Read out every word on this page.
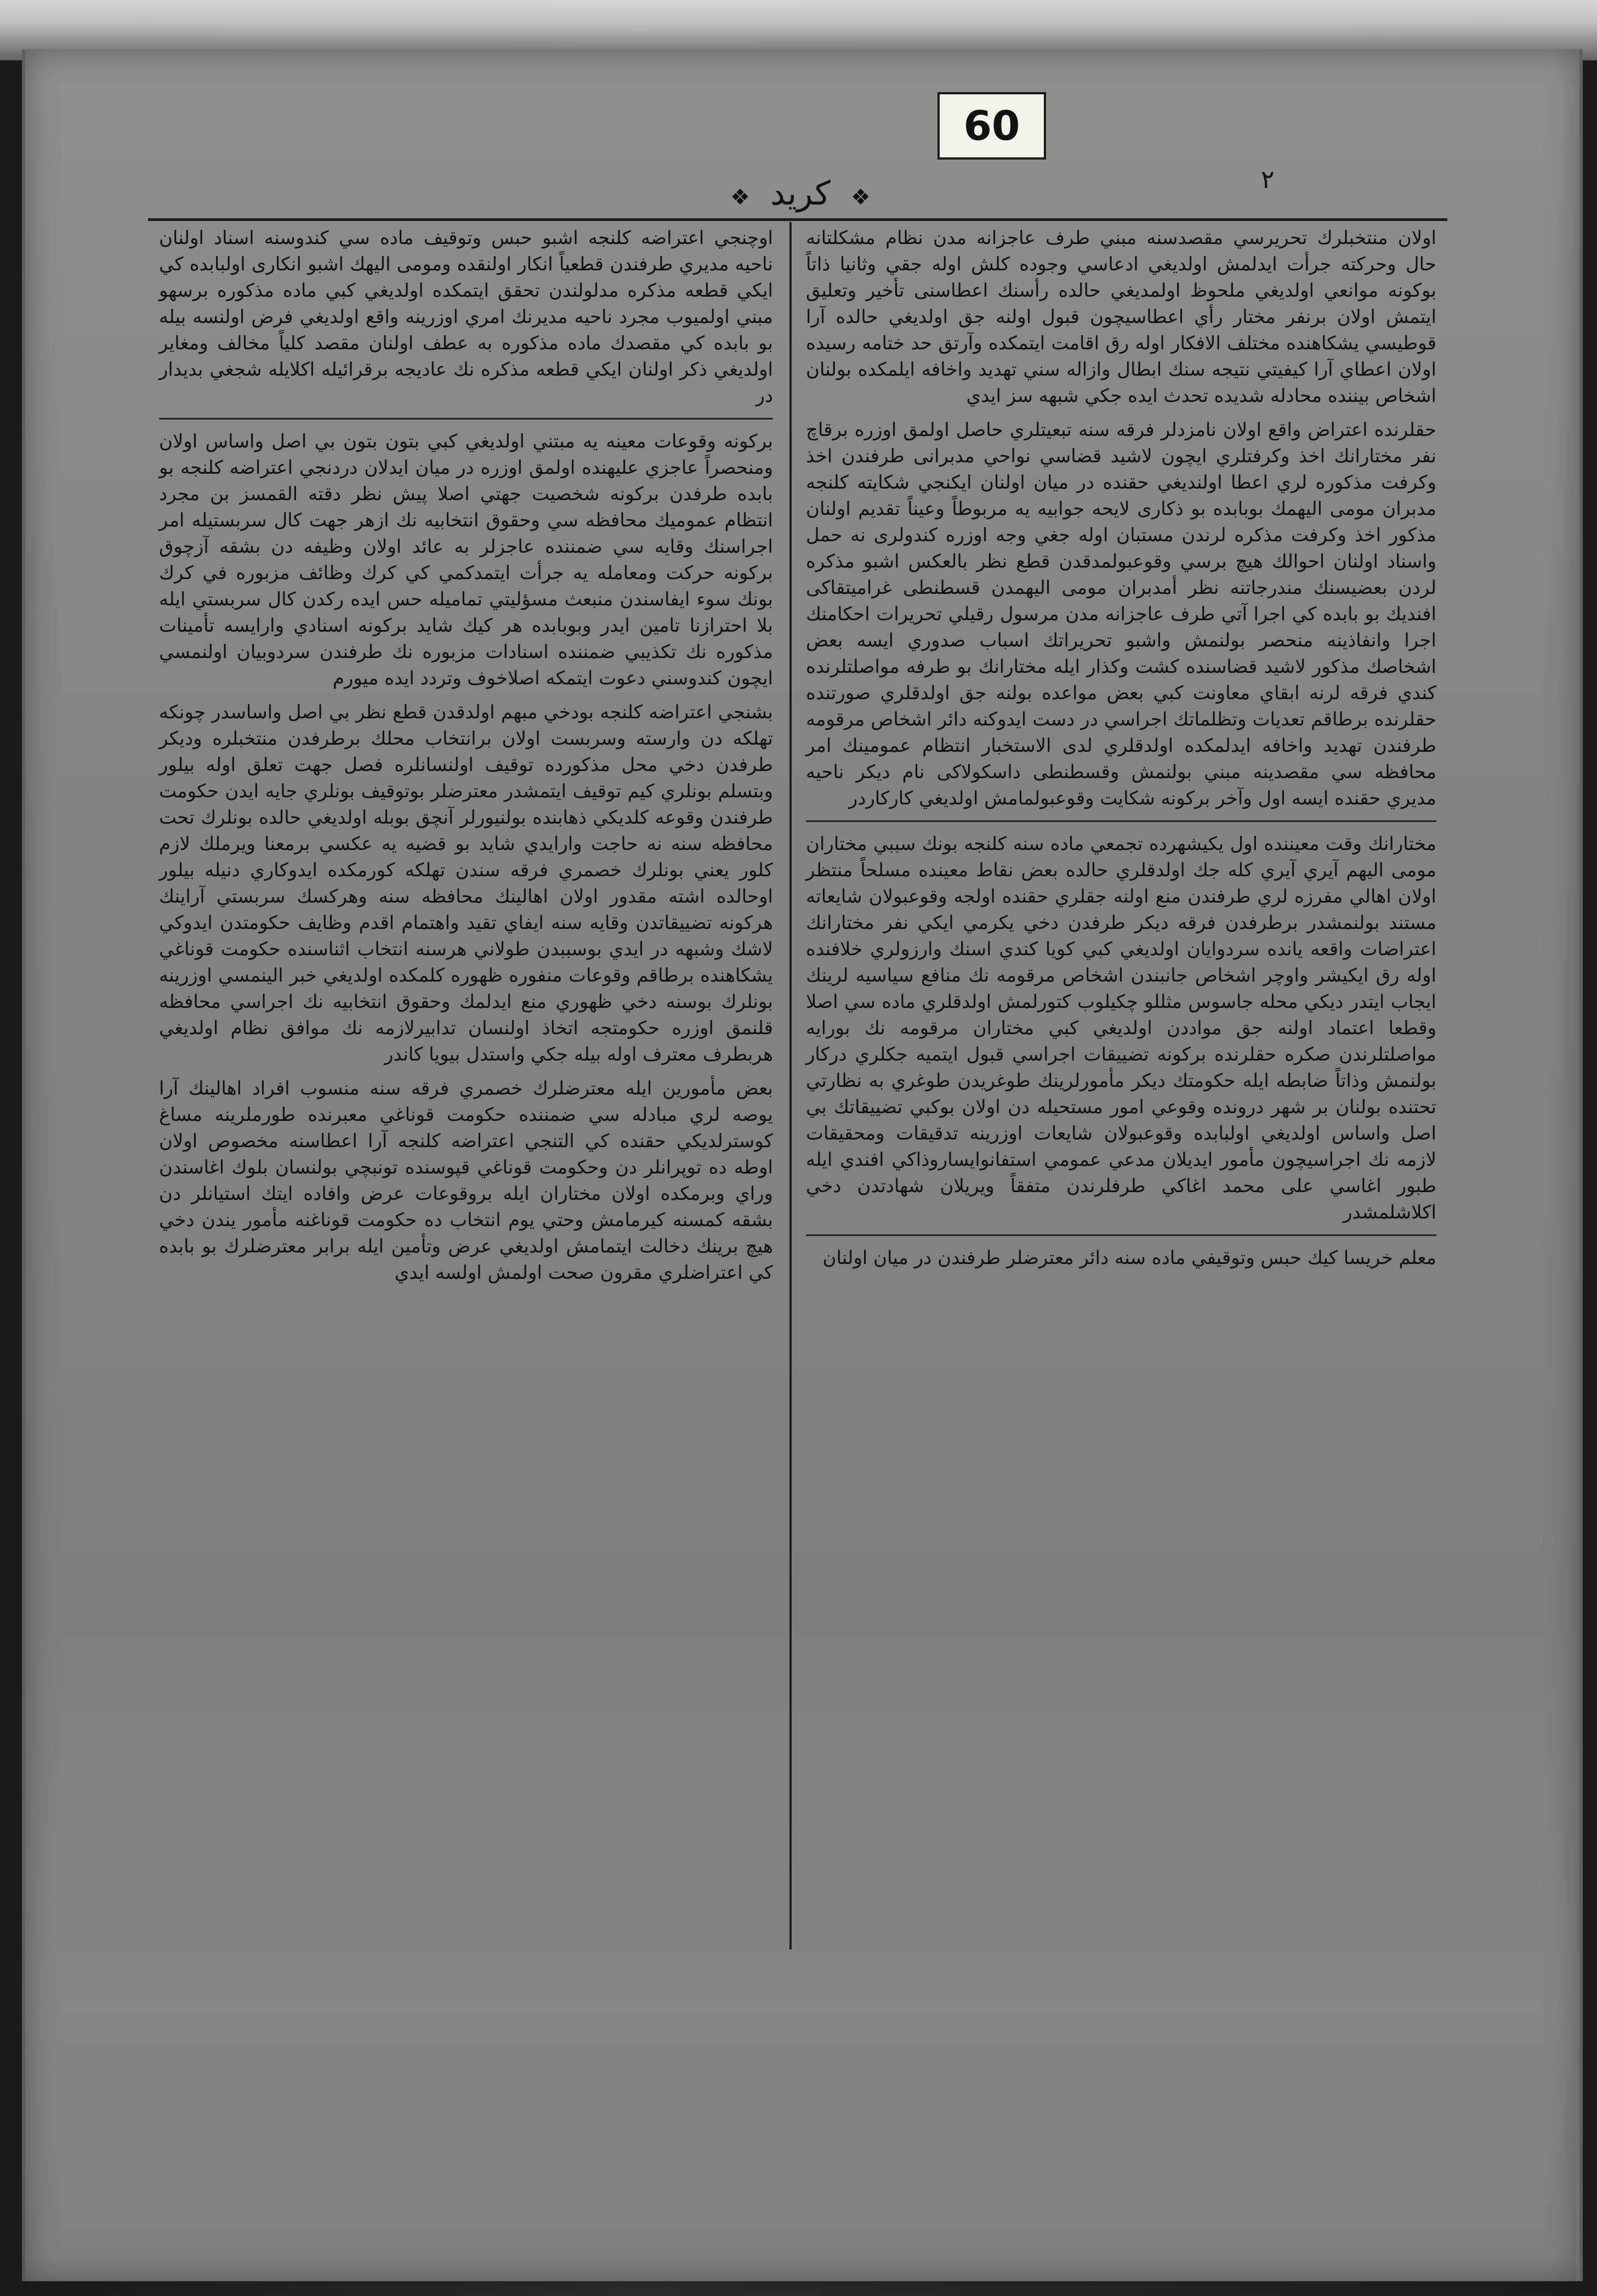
60
٢
❖ كريد ❖

اولان منتخبلرك تحريرسي مقصدسنه مبني طرف عاجزانه مدن نظام مشكلتانه حال وحركته جرأت ايدلمش اولديغي ادعاسي وجوده كلش اوله جقي وثانيا ذاتاً بوكونه موانعي اولديغي ملحوظ اولمديغي حالده رأسنك اعطاسنى تأخير وتعليق ايتمش اولان برنفر مختار رأي اعطاسيچون قبول اولنه جق اولديغي حالده آرا قوطيسي يشكاهنده مختلف الافكار اوله رق اقامت ايتمكده وآرتق حد ختامه رسيده اولان اعطاي آرا كيفيتي نتيجه سنك ابطال وازاله سني تهديد واخافه ايلمكده بولنان اشخاص بيننده محادله شديده تحدث ايده جكي شبهه سز ايدي

حقلرنده اعتراض واقع اولان نامزدلر فرقه سنه تبعيتلري حاصل اولمق اوزره برقاچ نفر مختارانك اخذ وكرفتلري ايچون لاشيد قضاسي نواحي مدبرانى طرفندن اخذ وكرفت مذكوره لري اعطا اولنديغي حقنده در ميان اولنان ايكنجي شكايته كلنجه مدبران مومى اليهمك بوبابده بو ذكارى لايحه جوابيه يه مربوطاً وعيناً تقديم اولنان مذكور اخذ وكرفت مذكره لرندن مستبان اوله جغي وجه اوزره كندولرى نه حمل واسناد اولنان احوالك هيچ برسي وقوعبولمدقدن قطع نظر بالعكس اشبو مذكره لردن بعضيسنك مندرجاتنه نظر أمدبران مومى اليهمدن قسطنطى غراميتقاكى افنديك بو بابده كي اجرا آتي طرف عاجزانه مدن مرسول رقيلي تحريرات احكامنك اجرا وانفاذينه منحصر بولنمش واشبو تحريراتك اسباب صدوري ايسه بعض اشخاصك مذكور لاشيد قضاسنده كشت وكذار ايله مختارانك بو طرفه مواصلتلرنده كندي فرقه لرنه ابقاي معاونت كبي بعض مواعده بولنه جق اولدقلري صورتنده حقلرنده برطاقم تعديات وتظلماتك اجراسي در دست ايدوكنه دائر اشخاص مرقومه طرفندن تهديد واخافه ايدلمكده اولدقلري لدى الاستخبار انتظام عمومينك امر محافظه سي مقصدينه مبني بولنمش وقسطنطى داسكولاكى نام ديكر ناحيه مديري حقنده ايسه اول وآخر بركونه شكايت وقوعبولمامش اولديغي كاركاردر

مختارانك وقت معيننده اول يكيشهرده تجمعي ماده سنه كلنجه بونك سببي مختاران مومى اليهم آيري آيري كله جك اولدقلري حالده بعض نقاط معينده مسلحاً منتظر اولان اهالي مفرزه لري طرفندن منع اولنه جقلري حقنده اولجه وقوعبولان شايعاته مستند بولنمشدر برطرفدن فرقه ديكر طرفدن دخي يكرمي ايكي نفر مختارانك اعتراضات واقعه يانده سردوايان اولديغي كبي كويا كندي اسنك وارزولري خلافنده اوله رق ايكيشر واوچر اشخاص جانبندن اشخاص مرقومه نك منافع سياسيه لرينك ايجاب ايتدر ديكي محله جاسوس مثللو چكيلوب كتورلمش اولدقلري ماده سي اصلا وقطعا اعتماد اولنه جق مواددن اولديغي كبي مختاران مرقومه نك بورايه مواصلتلرندن صكره حقلرنده بركونه تضييقات اجراسي قبول ايتميه جكلري دركار بولنمش وذاتاً ضابطه ايله حكومتك ديكر مأمورلرينك طوغريدن طوغري به نظارتي تحتنده بولنان بر شهر درونده وقوعي امور مستحيله دن اولان بوكبي تضييقاتك بي اصل واساس اولديغي اولبابده وقوعبولان شايعات اوزرينه تدقيقات ومحقيقات لازمه نك اجراسيچون مأمور ايديلان مدعي عمومي استفانوايساروذاكي افندي ايله طبور اغاسي على محمد اغاكي طرفلرندن متفقاً ويريلان شهادتدن دخي اكلاشلمشدر

معلم خريسا كيك حبس وتوقيفي ماده سنه دائر معترضلر طرفندن در ميان اولنان

اوچنجي اعتراضه كلنجه اشبو حبس وتوقيف ماده سي كندوسنه اسناد اولنان ناحيه مديري طرفندن قطعياً انكار اولنقده ومومى اليهك اشبو انكارى اولبابده كي ايكي قطعه مذكره مدلولندن تحقق ايتمكده اولديغي كبي ماده مذكوره برسهو مبني اولميوب مجرد ناحيه مديرنك امري اوزرينه واقع اولديغي فرض اولنسه بيله بو بابده كي مقصدك ماده مذكوره به عطف اولنان مقصد كلياً مخالف ومغاير اولديغي ذكر اولنان ايكي قطعه مذكره نك عاديجه برقرائيله اكلايله شجغي بديدار در

بركونه وقوعات معينه يه مبتني اولديغي كبي بتون بتون بي اصل واساس اولان ومنحصراً عاجزي عليهنده اولمق اوزره در ميان ايدلان دردنجي اعتراضه كلنجه بو بابده طرفدن بركونه شخصيت جهتي اصلا پيش نظر دقته القمسز بن مجرد انتظام عموميك محافظه سي وحقوق انتخابيه نك ازهر جهت كال سربستيله امر اجراسنك وقايه سي ضمننده عاجزلر به عائد اولان وظيفه دن بشقه آزچوق بركونه حركت ومعامله يه جرأت ايتمدكمي كي كرك وظائف مزبوره في كرك بونك سوء ايفاسندن منبعث مسؤليتي تماميله حس ايده ركدن كال سربستي ايله بلا احترازنا تامين ايدر وبوبابده هر كيك شايد بركونه اسنادي وارايسه تأمينات مذكوره نك تكذيبي ضمننده اسنادات مزبوره نك طرفندن سردوبيان اولنمسي ايچون كندوسني دعوت ايتمكه اصلاخوف وتردد ايده ميورم

بشنجي اعتراضه كلنجه بودخي مبهم اولدقدن قطع نظر بي اصل واساسدر چونكه تهلكه دن وارسته وسربست اولان برانتخاب محلك برطرفدن منتخبلره وديكر طرفدن دخي محل مذكورده توقيف اولنسانلره فصل جهت تعلق اوله بيلور وبتسلم بونلري كيم توقيف ايتمشدر معترضلر بوتوقيف بونلري جايه ايدن حكومت طرفندن وقوعه كلديكي ذهابنده بولنيورلر آنچق بوبله اولديغي حالده بونلرك تحت محافظه سنه نه حاجت وارايدي شايد بو قضيه يه عكسي برمعنا ويرملك لازم كلور يعني بونلرك خصمري فرقه سندن تهلكه كورمكده ايدوكاري دنيله بيلور اوحالده اشته مقدور اولان اهالينك محافظه سنه وهركسك سربستي آراينك هركونه تضييقاتدن وقايه سنه ايفاي تقيد واهتمام اقدم وظايف حكومتدن ايدوكي لاشك وشبهه در ايدي بوسببدن طولاني هرسنه انتخاب اثناسنده حكومت قوناغي يشكاهنده برطاقم وقوعات منفوره ظهوره كلمكده اولديغي خبر الينمسي اوزرينه بونلرك بوسنه دخي ظهوري منع ايدلمك وحقوق انتخابيه نك اجراسي محافظه قلنمق اوزره حكومتجه اتخاذ اولنسان تدابيرلازمه نك موافق نظام اولديغي هربطرف معترف اوله بيله جكي واستدل بيويا كاندر

بعض مأمورين ايله معترضلرك خصمري فرقه سنه منسوب افراد اهالينك آرا يوصه لري مبادله سي ضمننده حكومت قوناغي معبرنده طورملرينه مساغ كوسترلديكي حقنده كي التنجي اعتراضه كلنجه آرا اعطاسنه مخصوص اولان اوطه ده توپرانلر دن وحكومت قوناغي قپوسنده تونبچي بولنسان بلوك اغاسندن وراي وبرمكده اولان مختاران ايله بروقوعات عرض وافاده ايتك استيانلر دن بشقه كمسنه كيرمامش وحتي يوم انتخاب ده حكومت قوناغنه مأمور يندن دخي هيچ برينك دخالت ايتمامش اولديغي عرض وتأمين ايله برابر معترضلرك بو بابده كي اعتراضلري مقرون صحت اولمش اولسه ايدي
